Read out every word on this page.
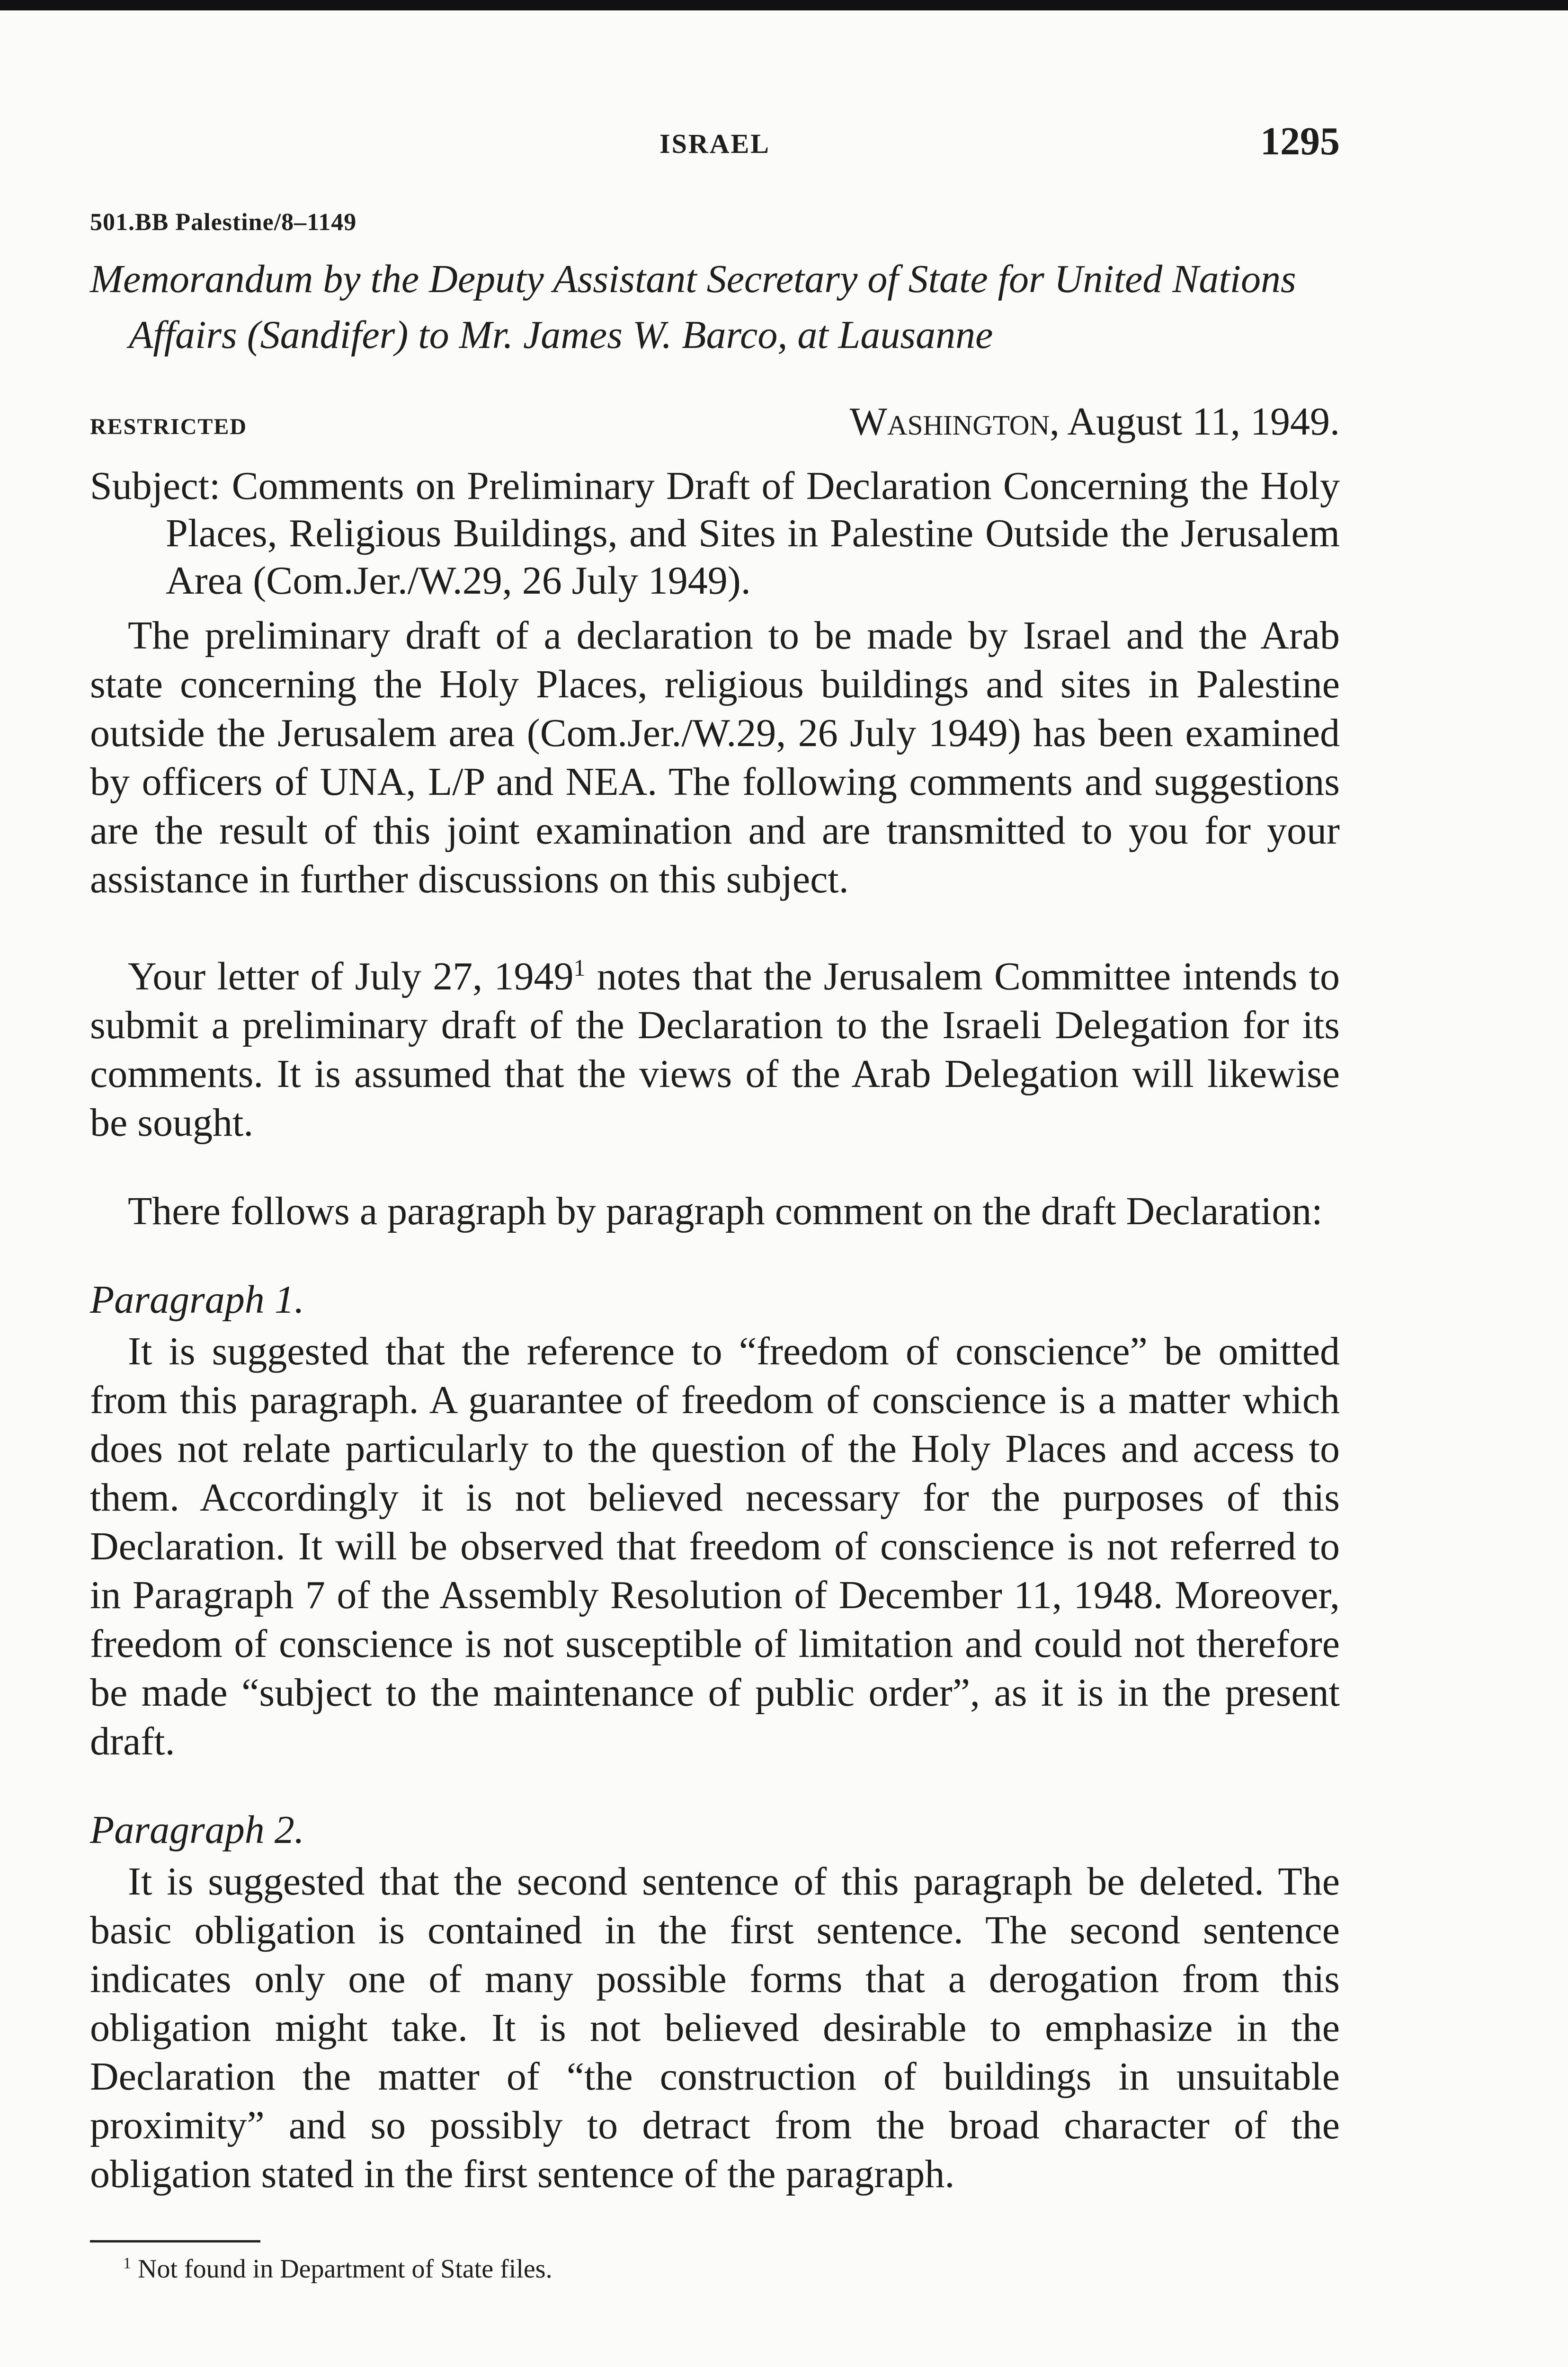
ISRAEL	1295
501.BB Palestine/8–1149
Memorandum by the Deputy Assistant Secretary of State for United Nations Affairs (Sandifer) to Mr. James W. Barco, at Lausanne
RESTRICTED	Washington, August 11, 1949.
Subject: Comments on Preliminary Draft of Declaration Concerning the Holy Places, Religious Buildings, and Sites in Palestine Outside the Jerusalem Area (Com.Jer./W.29, 26 July 1949).

The preliminary draft of a declaration to be made by Israel and the Arab state concerning the Holy Places, religious buildings and sites in Palestine outside the Jerusalem area (Com.Jer./W.29, 26 July 1949) has been examined by officers of UNA, L/P and NEA. The following comments and suggestions are the result of this joint examination and are transmitted to you for your assistance in further discussions on this subject.

Your letter of July 27, 1949$^1$ notes that the Jerusalem Committee intends to submit a preliminary draft of the Declaration to the Israeli Delegation for its comments. It is assumed that the views of the Arab Delegation will likewise be sought.

There follows a paragraph by paragraph comment on the draft Declaration:

Paragraph 1.

It is suggested that the reference to “freedom of conscience” be omitted from this paragraph. A guarantee of freedom of conscience is a matter which does not relate particularly to the question of the Holy Places and access to them. Accordingly it is not believed necessary for the purposes of this Declaration. It will be observed that freedom of conscience is not referred to in Paragraph 7 of the Assembly Resolution of December 11, 1948. Moreover, freedom of conscience is not susceptible of limitation and could not therefore be made “subject to the maintenance of public order”, as it is in the present draft.

Paragraph 2.

It is suggested that the second sentence of this paragraph be deleted. The basic obligation is contained in the first sentence. The second sentence indicates only one of many possible forms that a derogation from this obligation might take. It is not believed desirable to emphasize in the Declaration the matter of “the construction of buildings in unsuitable proximity” and so possibly to detract from the broad character of the obligation stated in the first sentence of the paragraph.

$^1$ Not found in Department of State files.
